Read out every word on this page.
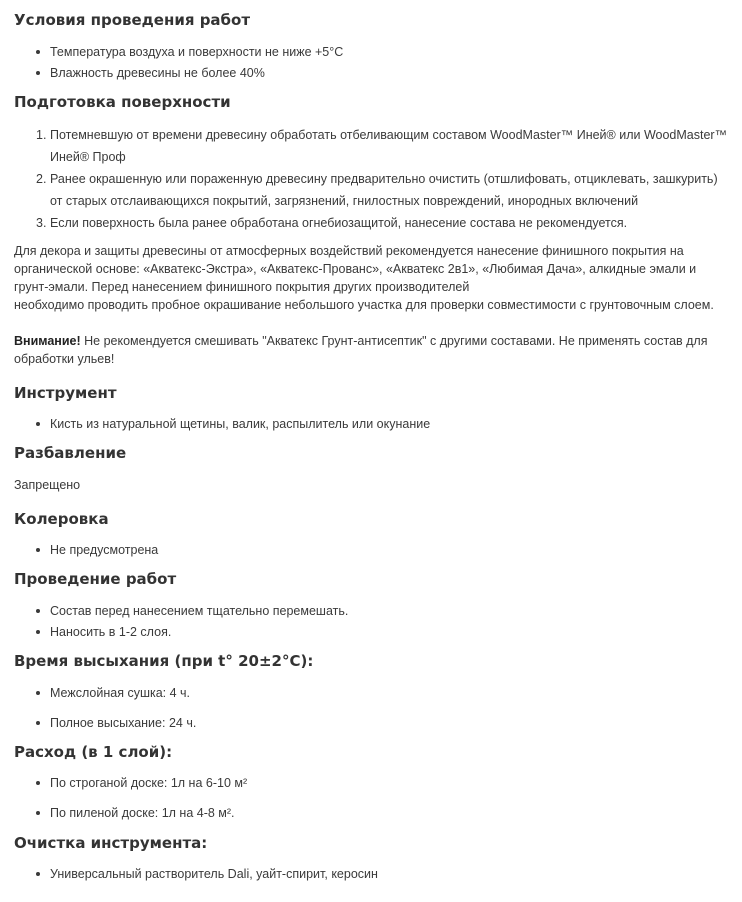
Условия проведения работ
Температура воздуха и поверхности не ниже +5°C
Влажность древесины не более 40%
Подготовка поверхности
1. Потемневшую от времени древесину обработать отбеливающим составом WoodMaster™ Иней® или WoodMaster™ Иней® Проф
2. Ранее окрашенную или пораженную древесину предварительно очистить (отшлифовать, отциклевать, зашкурить) от старых отслаивающихся покрытий, загрязнений, гнилостных повреждений, инородных включений
3. Если поверхность была ранее обработана огнебиозащитой, нанесение состава не рекомендуется.

Для декора и защиты древесины от атмосферных воздействий рекомендуется нанесение финишного покрытия на органической основе: «Акватекс-Экстра», «Акватекс-Прованс», «Акватекс 2в1», «Любимая Дача», алкидные эмали и грунт-эмали. Перед нанесением финишного покрытия других производителей

необходимо проводить пробное окрашивание небольшого участка для проверки совместимости с грунтовочным слоем.

Внимание! Не рекомендуется смешивать "Акватекс Грунт-антисептик" с другими составами. Не применять состав для обработки ульев!

Инструмент
Кисть из натуральной щетины, валик, распылитель или окунание
Разбавление

Запрещено

Колеровка
Не предусмотрена
Проведение работ
Состав перед нанесением тщательно перемешать.
Наносить в 1-2 слоя.
Время высыхания (при t° 20±2°C):
Межслойная сушка: 4 ч.
Полное высыхание: 24 ч.
Расход (в 1 слой):
По строганой доске: 1л на 6-10 м²
По пиленой доске: 1л на 4-8 м².
Очистка инструмента:
Универсальный растворитель Dali, уайт-спирит, керосин
